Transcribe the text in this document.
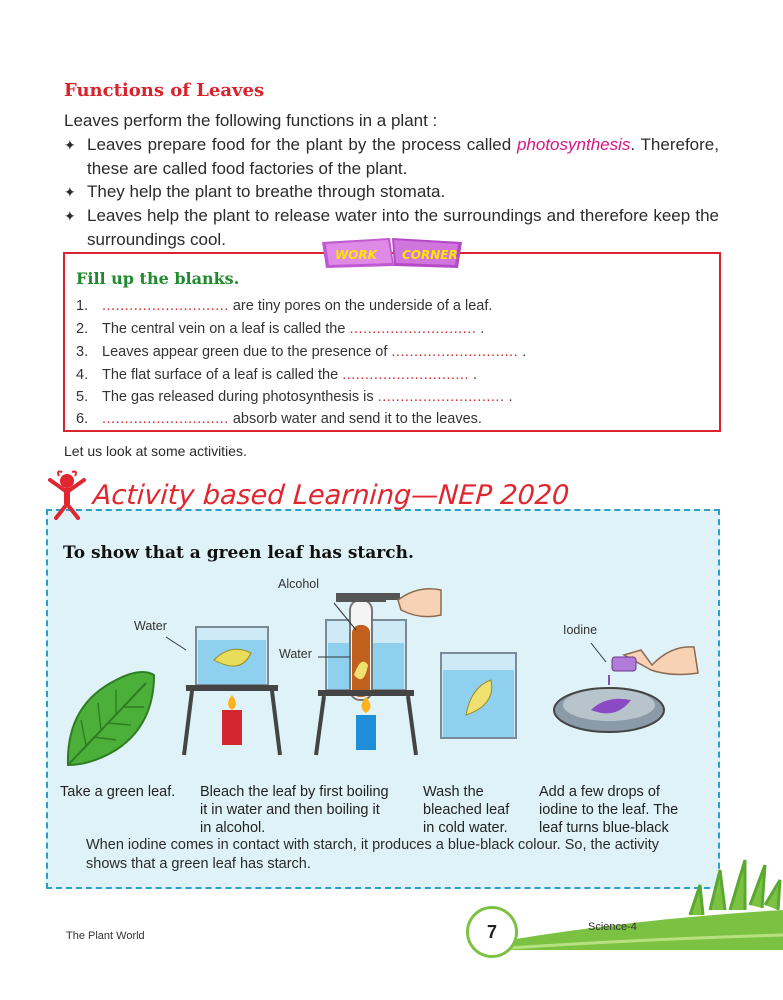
Functions of Leaves
Leaves perform the following functions in a plant :
✦ Leaves prepare food for the plant by the process called photosynthesis. Therefore, these are called food factories of the plant.
✦ They help the plant to breathe through stomata.
✦ Leaves help the plant to release water into the surroundings and therefore keep the surroundings cool.
WORK CORNER
Fill up the blanks.
1. ............................ are tiny pores on the underside of a leaf.
2. The central vein on a leaf is called the ............................ .
3. Leaves appear green due to the presence of ............................ .
4. The flat surface of a leaf is called the ............................ .
5. The gas released during photosynthesis is ............................ .
6. ............................ absorb water and send it to the leaves.
Let us look at some activities.
Activity based Learning—NEP 2020
To show that a green leaf has starch.
Water
Alcohol
Water
Iodine
Take a green leaf. Bleach the leaf by first boiling
it in water and then boiling it
in alcohol.
Wash the
bleached leaf
in cold water.
Add a few drops of
iodine to the leaf. The
leaf turns blue-black
When iodine comes in contact with starch, it produces a blue-black colour. So, the activity shows that a green leaf has starch.
The Plant World	7	Science-4
